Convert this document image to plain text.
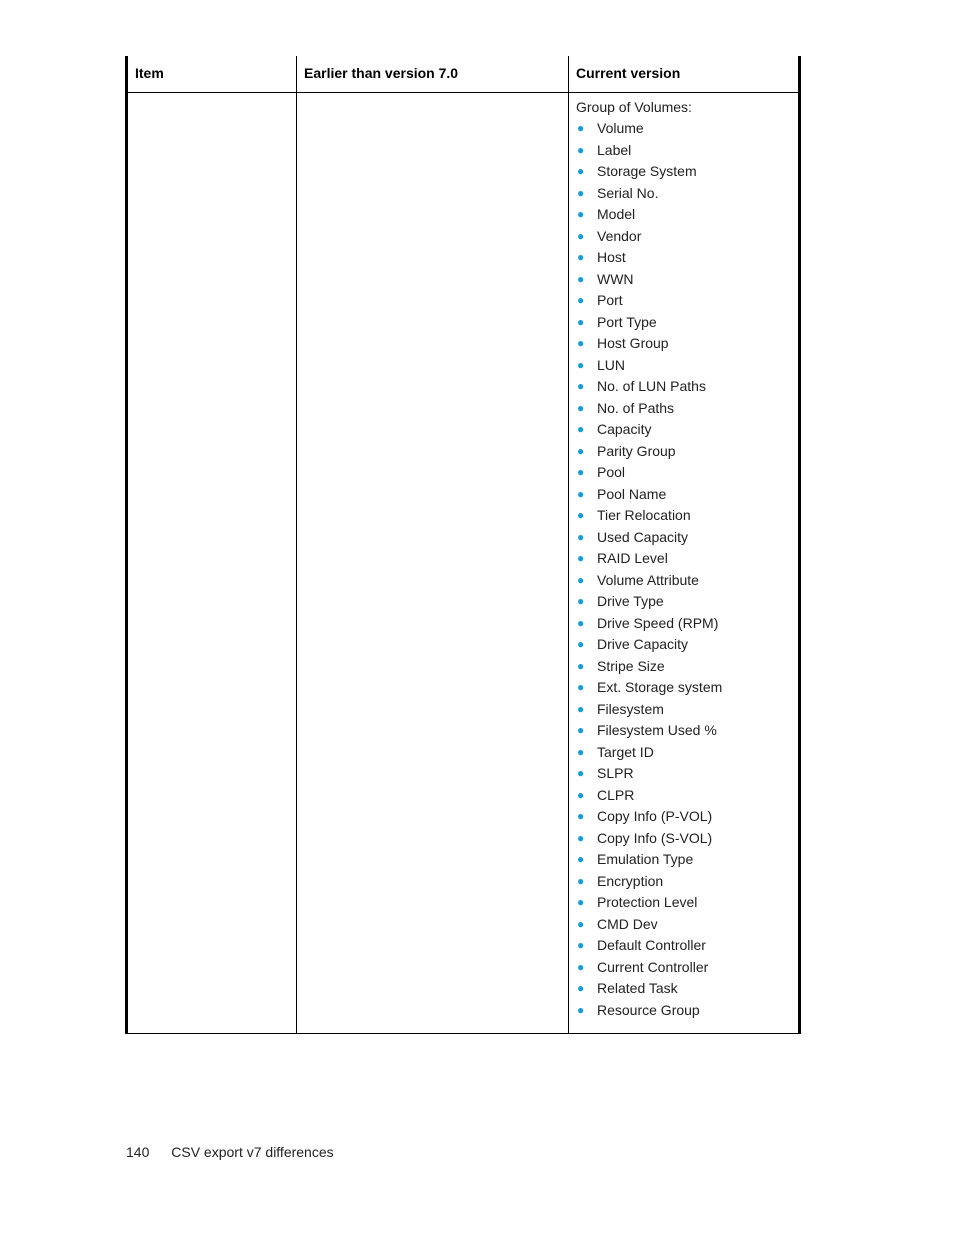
Item	Earlier than version 7.0	Current version
Group of Volumes:
● Volume
● Label
● Storage System
● Serial No.
● Model
● Vendor
● Host
● WWN
● Port
● Port Type
● Host Group
● LUN
● No. of LUN Paths
● No. of Paths
● Capacity
● Parity Group
● Pool
● Pool Name
● Tier Relocation
● Used Capacity
● RAID Level
● Volume Attribute
● Drive Type
● Drive Speed (RPM)
● Drive Capacity
● Stripe Size
● Ext. Storage system
● Filesystem
● Filesystem Used %
● Target ID
● SLPR
● CLPR
● Copy Info (P-VOL)
● Copy Info (S-VOL)
● Emulation Type
● Encryption
● Protection Level
● CMD Dev
● Default Controller
● Current Controller
● Related Task
● Resource Group
140 CSV export v7 differences
